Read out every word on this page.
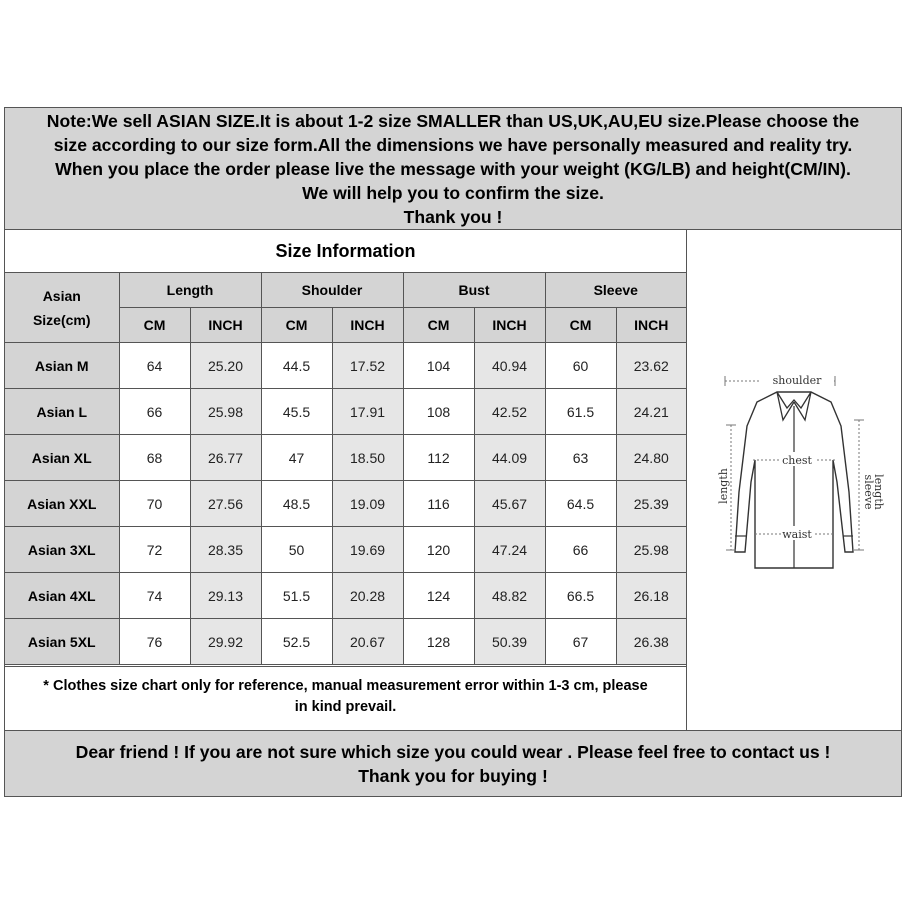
Note:We sell ASIAN SIZE.It is about 1-2 size SMALLER than US,UK,AU,EU size.Please choose the
size according to our size form.All the dimensions we have personally measured and reality try.
When you place the order please live the message with your weight (KG/LB) and height(CM/IN).
We will help you to confirm the size.
Thank you !
Size Information
Asian
Size(cm)	Length		Shoulder		Bust		Sleeve	
	CM	INCH	CM	INCH	CM	INCH	CM	INCH
Asian M	64	25.20	44.5	17.52	104	40.94	60	23.62
Asian L	66	25.98	45.5	17.91	108	42.52	61.5	24.21
Asian XL	68	26.77	47	18.50	112	44.09	63	24.80
Asian XXL	70	27.56	48.5	19.09	116	45.67	64.5	25.39
Asian 3XL	72	28.35	50	19.69	120	47.24	66	25.98
Asian 4XL	74	29.13	51.5	20.28	124	48.82	66.5	26.18
Asian 5XL	76	29.92	52.5	20.67	128	50.39	67	26.38
* Clothes size chart only for reference, manual measurement error within 1-3 cm, please
in kind prevail.
shoulder
chest
waist
length	sleeve
length
Dear friend ! If you are not sure which size you could wear . Please feel free to contact us !
Thank you for buying !
